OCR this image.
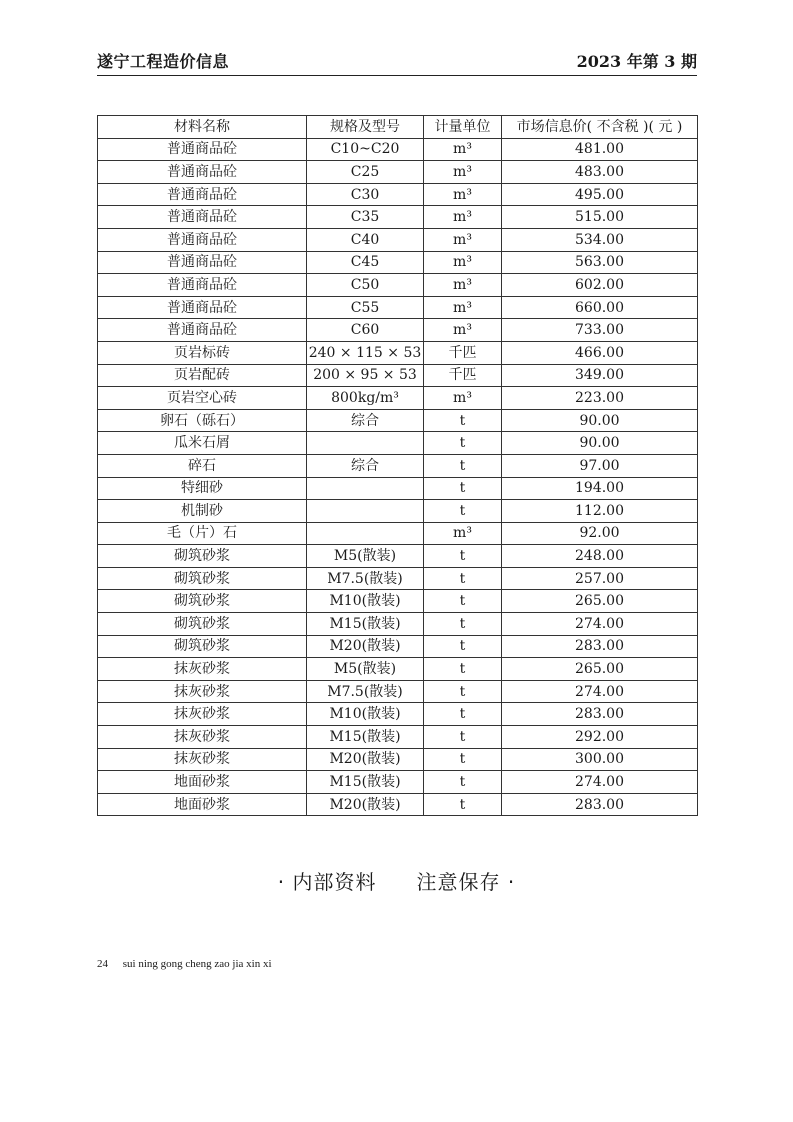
遂宁工程造价信息	2023 年第 3 期
材料名称	规格及型号	计量单位	市场信息价( 不含税 )( 元 )
普通商品砼	C10~C20	m³	481.00
普通商品砼	C25	m³	483.00
普通商品砼	C30	m³	495.00
普通商品砼	C35	m³	515.00
普通商品砼	C40	m³	534.00
普通商品砼	C45	m³	563.00
普通商品砼	C50	m³	602.00
普通商品砼	C55	m³	660.00
普通商品砼	C60	m³	733.00
页岩标砖	240 × 115 × 53	千匹	466.00
页岩配砖	200 × 95 × 53	千匹	349.00
页岩空心砖	800kg/m³	m³	223.00
卵石（砾石）	综合	t	90.00
瓜米石屑		t	90.00
碎石	综合	t	97.00
特细砂		t	194.00
机制砂		t	112.00
毛（片）石		m³	92.00
砌筑砂浆	M5(散装)	t	248.00
砌筑砂浆	M7.5(散装)	t	257.00
砌筑砂浆	M10(散装)	t	265.00
砌筑砂浆	M15(散装)	t	274.00
砌筑砂浆	M20(散装)	t	283.00
抹灰砂浆	M5(散装)	t	265.00
抹灰砂浆	M7.5(散装)	t	274.00
抹灰砂浆	M10(散装)	t	283.00
抹灰砂浆	M15(散装)	t	292.00
抹灰砂浆	M20(散装)	t	300.00
地面砂浆	M15(散装)	t	274.00
地面砂浆	M20(散装)	t	283.00
· 内部资料 注意保存 ·
24 sui ning gong cheng zao jia xin xi
